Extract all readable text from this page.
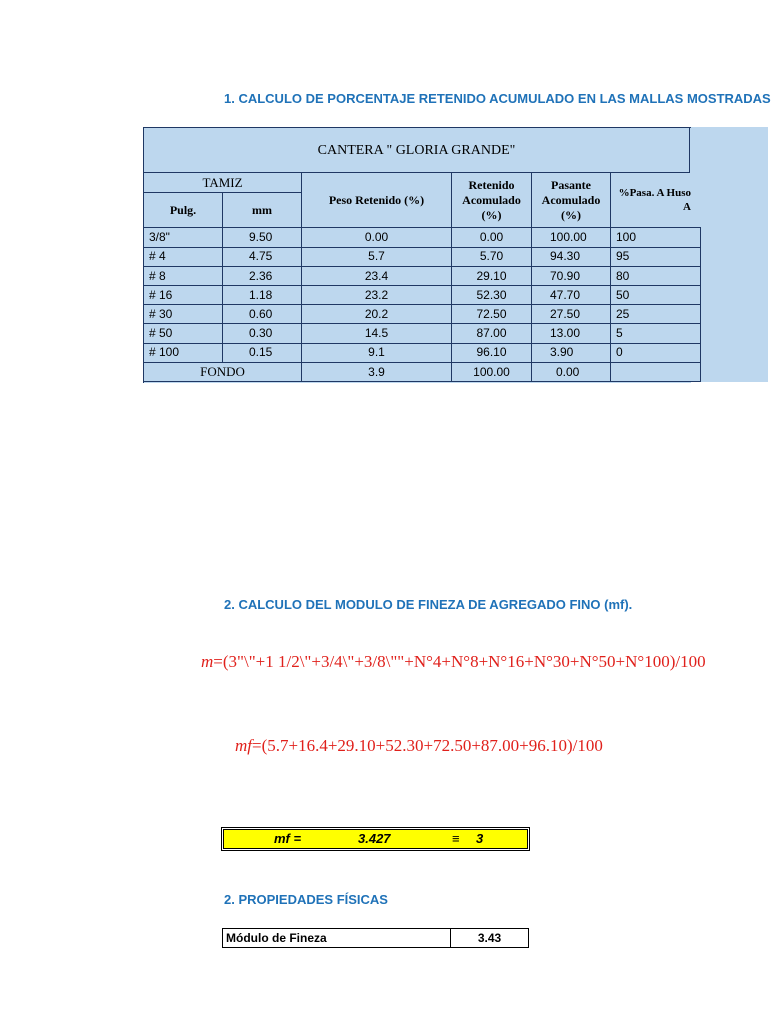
1. CALCULO DE PORCENTAJE RETENIDO ACUMULADO EN LAS MALLAS MOSTRADAS
CANTERA " GLORIA GRANDE"
TAMIZ
Pulg.	mm
Peso Retenido (%)
Retenido Acomulado (%)
Pasante Acomulado (%)
%Pasa. A Huso A
3/8"	9.50	0.00	0.00	100.00	100
# 4	4.75	5.7	5.70	94.30	95
# 8	2.36	23.4	29.10	70.90	80
# 16	1.18	23.2	52.30	47.70	50
# 30	0.60	20.2	72.50	27.50	25
# 50	0.30	14.5	87.00	13.00	5
# 100	0.15	9.1	96.10	3.90	0
FONDO	3.9	100.00	0.00
2. CALCULO DEL MODULO DE FINEZA DE AGREGADO FINO (mf).
m=(3"\"+1 1/2\"+3/4\"+3/8\""+N°4+N°8+N°16+N°30+N°50+N°100)/100
mf=(5.7+16.4+29.10+52.30+72.50+87.00+96.10)/100
mf =	3.427	≡ 3
2. PROPIEDADES FÍSICAS
Módulo de Fineza	3.43
